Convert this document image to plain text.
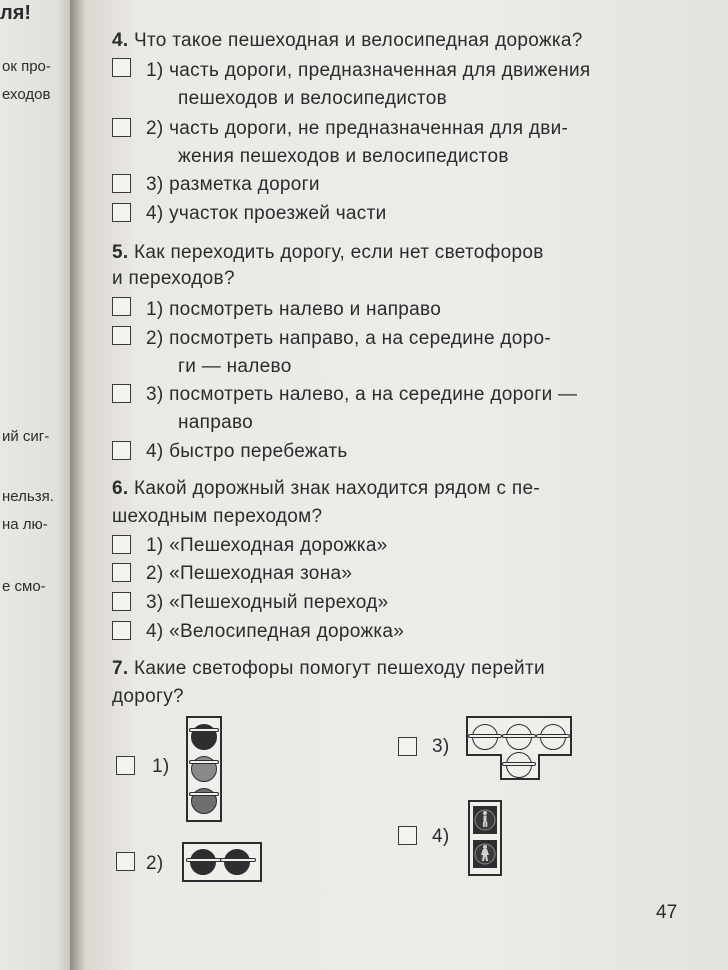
ля!
ок про-
еходов
ий сиг-
нельзя.
на лю-
е смо-
4. Что такое пешеходная и велосипедная дорожка?
1) часть дороги, предназначенная для движения
пешеходов и велосипедистов
2) часть дороги, не предназначенная для дви-
жения пешеходов и велосипедистов
3) разметка дороги
4) участок проезжей части
5. Как переходить дорогу, если нет светофоров
и переходов?
1) посмотреть налево и направо
2) посмотреть направо, а на середине доро-
ги — налево
3) посмотреть налево, а на середине дороги —
направо
4) быстро перебежать
6. Какой дорожный знак находится рядом с пе-
шеходным переходом?
1) «Пешеходная дорожка»
2) «Пешеходная зона»
3) «Пешеходный переход»
4) «Велосипедная дорожка»
7. Какие светофоры помогут пешеходу перейти
дорогу?
1)
2)
3)
4)
47
